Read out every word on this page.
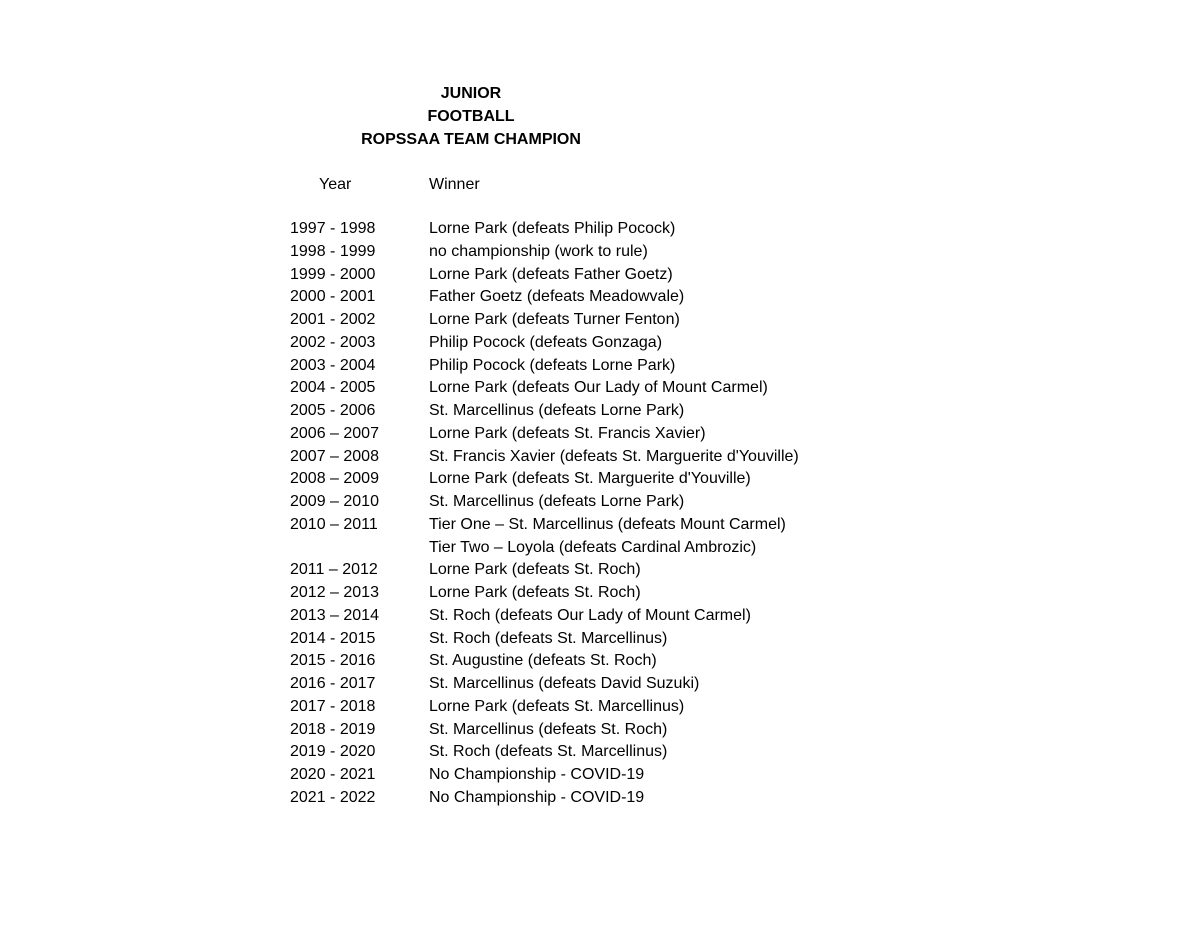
JUNIOR
FOOTBALL
ROPSSAA TEAM CHAMPION
Year	Winner
1997 - 1998	Lorne Park (defeats Philip Pocock)
1998 - 1999	no championship (work to rule)
1999 - 2000	Lorne Park (defeats Father Goetz)
2000 - 2001	Father Goetz (defeats Meadowvale)
2001 - 2002	Lorne Park (defeats Turner Fenton)
2002 - 2003	Philip Pocock (defeats Gonzaga)
2003 - 2004	Philip Pocock (defeats Lorne Park)
2004 - 2005	Lorne Park (defeats Our Lady of Mount Carmel)
2005 - 2006	St. Marcellinus (defeats Lorne Park)
2006 – 2007	Lorne Park (defeats St. Francis Xavier)
2007 – 2008	St. Francis Xavier (defeats St. Marguerite d'Youville)
2008 – 2009	Lorne Park (defeats St. Marguerite d'Youville)
2009 – 2010	St. Marcellinus (defeats Lorne Park)
2010 – 2011	Tier One – St. Marcellinus (defeats Mount Carmel)
Tier Two – Loyola (defeats Cardinal Ambrozic)
2011 – 2012	Lorne Park (defeats St. Roch)
2012 – 2013	Lorne Park (defeats St. Roch)
2013 – 2014	St. Roch (defeats Our Lady of Mount Carmel)
2014 - 2015	St. Roch (defeats St. Marcellinus)
2015 - 2016	St. Augustine (defeats St. Roch)
2016 - 2017	St. Marcellinus (defeats David Suzuki)
2017 - 2018	Lorne Park (defeats St. Marcellinus)
2018 - 2019	St. Marcellinus (defeats St. Roch)
2019 - 2020	St. Roch (defeats St. Marcellinus)
2020 - 2021	No Championship - COVID-19
2021 - 2022	No Championship - COVID-19
